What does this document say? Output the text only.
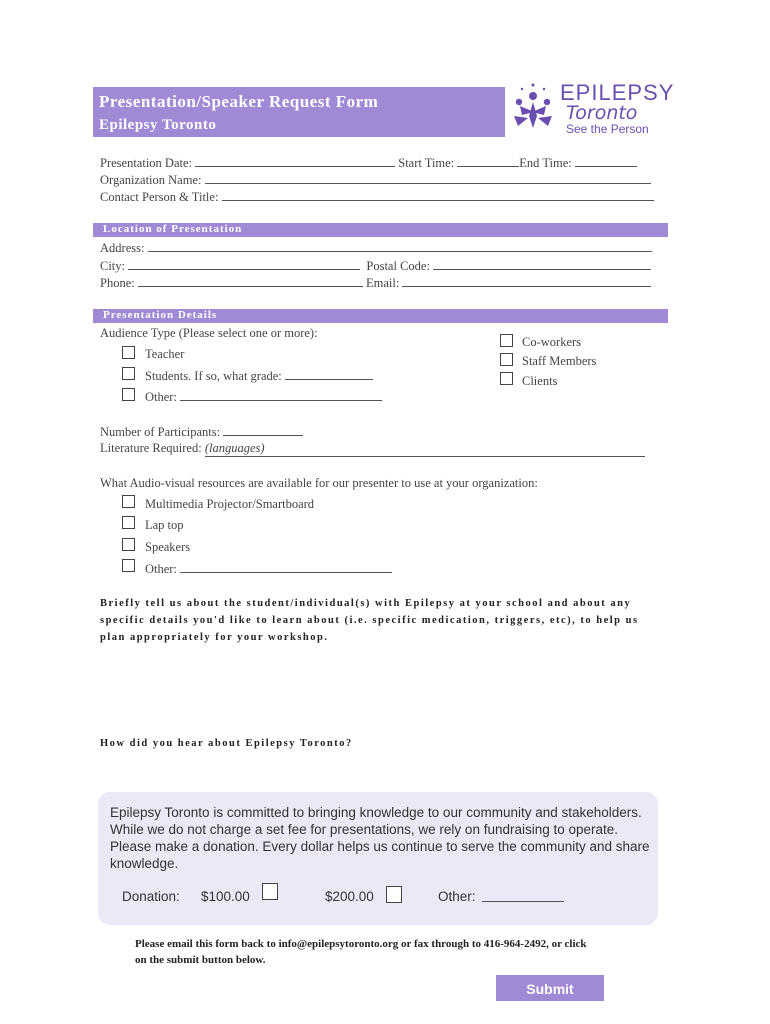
Presentation/Speaker Request Form
Epilepsy Toronto
EPILEPSY
Toronto
See the Person
Presentation Date:	Start Time:	End Time:
Organization Name:
Contact Person & Title:
Location of Presentation
Address:
City:	Postal Code:
Phone:	Email:
Presentation Details
Audience Type (Please select one or more):
Teacher
Students. If so, what grade:
Other:
Co-workers
Staff Members
Clients
Number of Participants:
Literature Required: (languages)
What Audio-visual resources are available for our presenter to use at your organization:
Multimedia Projector/Smartboard
Lap top
Speakers
Other:
Briefly tell us about the student/individual(s) with Epilepsy at your school and about any specific details you'd like to learn about (i.e. specific medication, triggers, etc), to help us plan appropriately for your workshop.
How did you hear about Epilepsy Toronto?
Epilepsy Toronto is committed to bringing knowledge to our community and stakeholders. While we do not charge a set fee for presentations, we rely on fundraising to operate. Please make a donation. Every dollar helps us continue to serve the community and share knowledge.
Donation: $100.00	$200.00	Other:
Please email this form back to info@epilepsytoronto.org or fax through to 416-964-2492, or click
on the submit button below.
Submit
